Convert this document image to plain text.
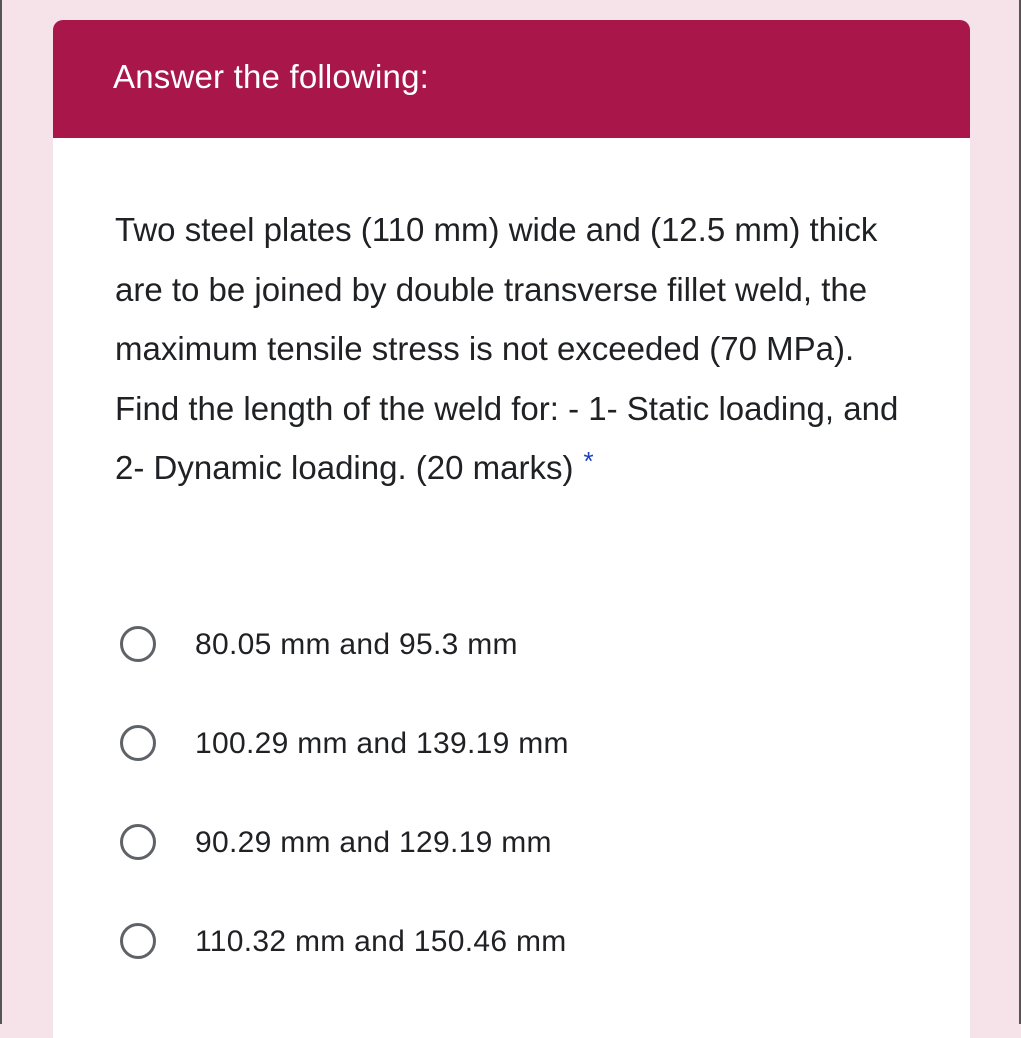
Answer the following:

Two steel plates (110 mm) wide and (12.5 mm) thick are to be joined by double transverse fillet weld, the maximum tensile stress is not exceeded (70 MPa). Find the length of the weld for: - 1- Static loading, and 2- Dynamic loading. (20 marks) *

80.05 mm and 95.3 mm
100.29 mm and 139.19 mm
90.29 mm and 129.19 mm
110.32 mm and 150.46 mm
